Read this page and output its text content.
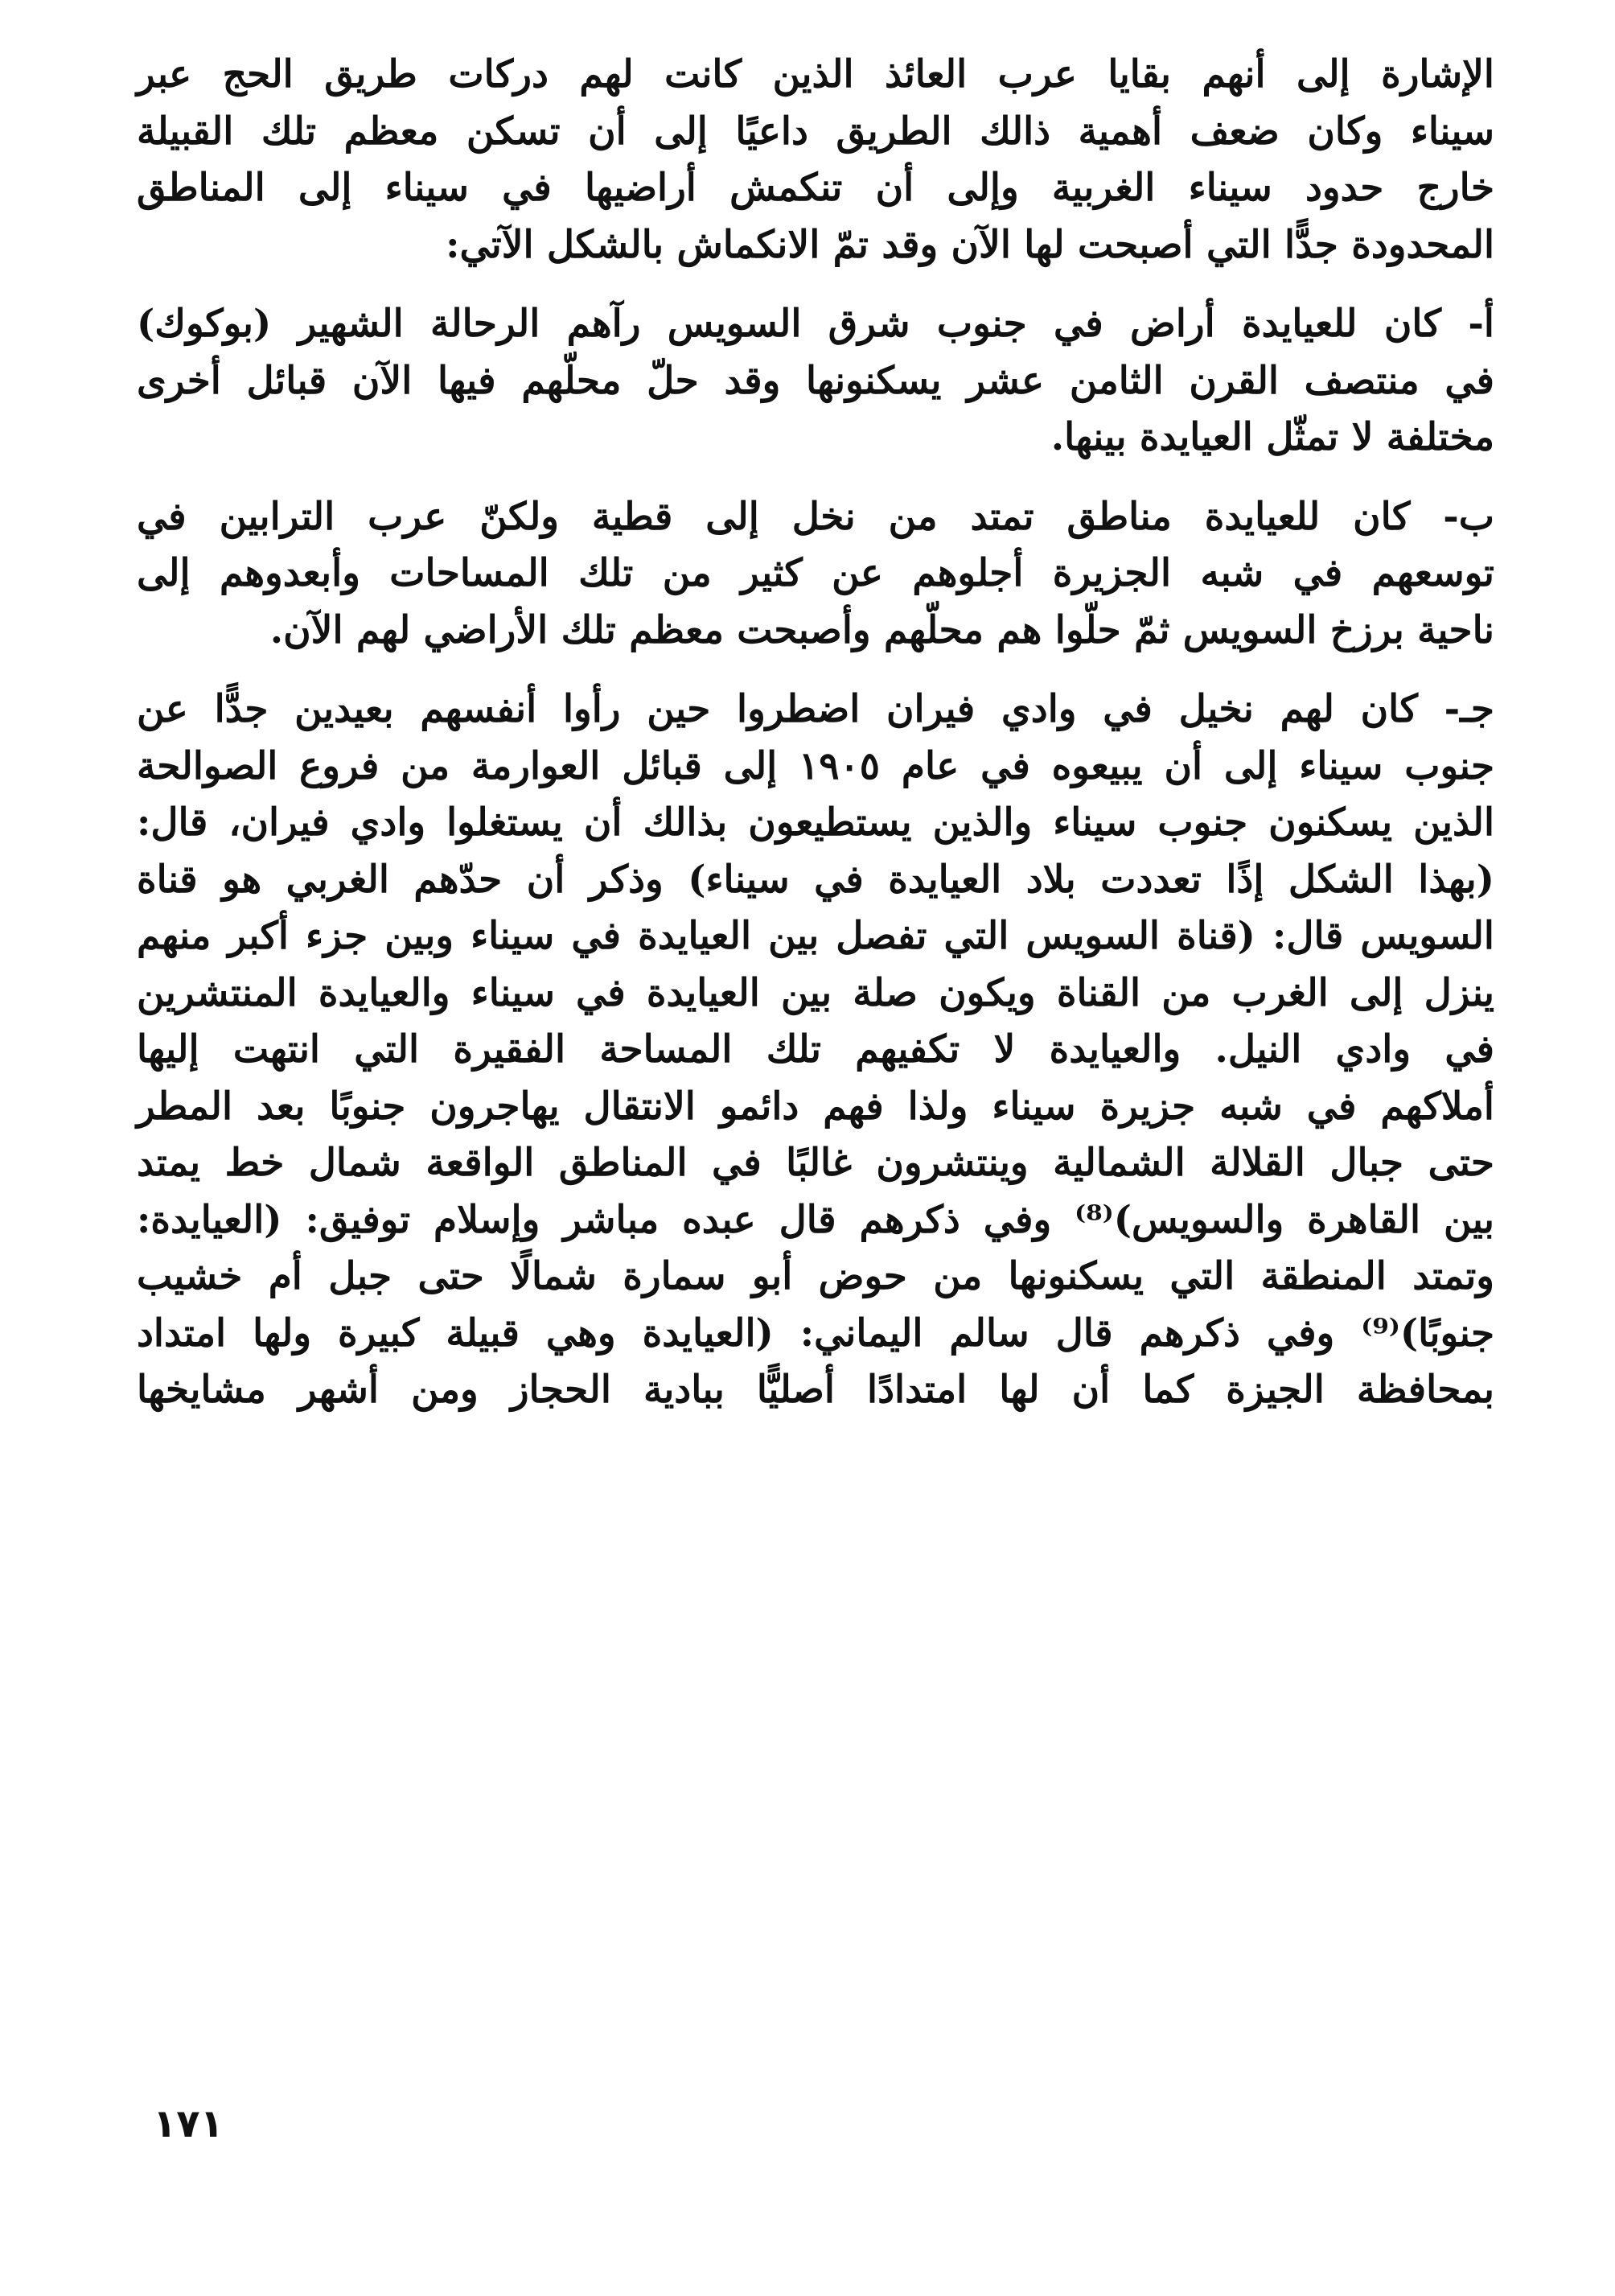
الإشارة إلى أنهم بقايا عرب العائذ الذين كانت لهم دركات طريق الحج عبر
سيناء وكان ضعف أهمية ذالك الطريق داعيًا إلى أن تسكن معظم تلك القبيلة
خارج حدود سيناء الغربية وإلى أن تنكمش أراضيها في سيناء إلى المناطق
المحدودة جدًّا التي أصبحت لها الآن وقد تمّ الانكماش بالشكل الآتي:

أ- كان للعيايدة أراض في جنوب شرق السويس رآهم الرحالة الشهير (بوكوك)
في منتصف القرن الثامن عشر يسكنونها وقد حلّ محلّهم فيها الآن قبائل أخرى
مختلفة لا تمثّل العيايدة بينها.

ب- كان للعيايدة مناطق تمتد من نخل إلى قطية ولكنّ عرب الترابين في
توسعهم في شبه الجزيرة أجلوهم عن كثير من تلك المساحات وأبعدوهم إلى
ناحية برزخ السويس ثمّ حلّوا هم محلّهم وأصبحت معظم تلك الأراضي لهم الآن.

جـ- كان لهم نخيل في وادي فيران اضطروا حين رأوا أنفسهم بعيدين جدًّا عن
جنوب سيناء إلى أن يبيعوه في عام ١٩٠٥ إلى قبائل العوارمة من فروع الصوالحة
الذين يسكنون جنوب سيناء والذين يستطيعون بذالك أن يستغلوا وادي فيران، قال:
(بهذا الشكل إذًا تعددت بلاد العيايدة في سيناء) وذكر أن حدّهم الغربي هو قناة
السويس قال: (قناة السويس التي تفصل بين العيايدة في سيناء وبين جزء أكبر منهم
ينزل إلى الغرب من القناة ويكون صلة بين العيايدة في سيناء والعيايدة المنتشرين
في وادي النيل. والعيايدة لا تكفيهم تلك المساحة الفقيرة التي انتهت إليها
أملاكهم في شبه جزيرة سيناء ولذا فهم دائمو الانتقال يهاجرون جنوبًا بعد المطر
حتى جبال القلالة الشمالية وينتشرون غالبًا في المناطق الواقعة شمال خط يمتد
بين القاهرة والسويس)⁽⁸⁾ وفي ذكرهم قال عبده مباشر وإسلام توفيق: (العيايدة:
وتمتد المنطقة التي يسكنونها من حوض أبو سمارة شمالًا حتى جبل أم خشيب
جنوبًا)⁽⁹⁾ وفي ذكرهم قال سالم اليماني: (العيايدة وهي قبيلة كبيرة ولها امتداد
بمحافظة الجيزة كما أن لها امتدادًا أصليًّا ببادية الحجاز ومن أشهر مشايخها

١٧١
